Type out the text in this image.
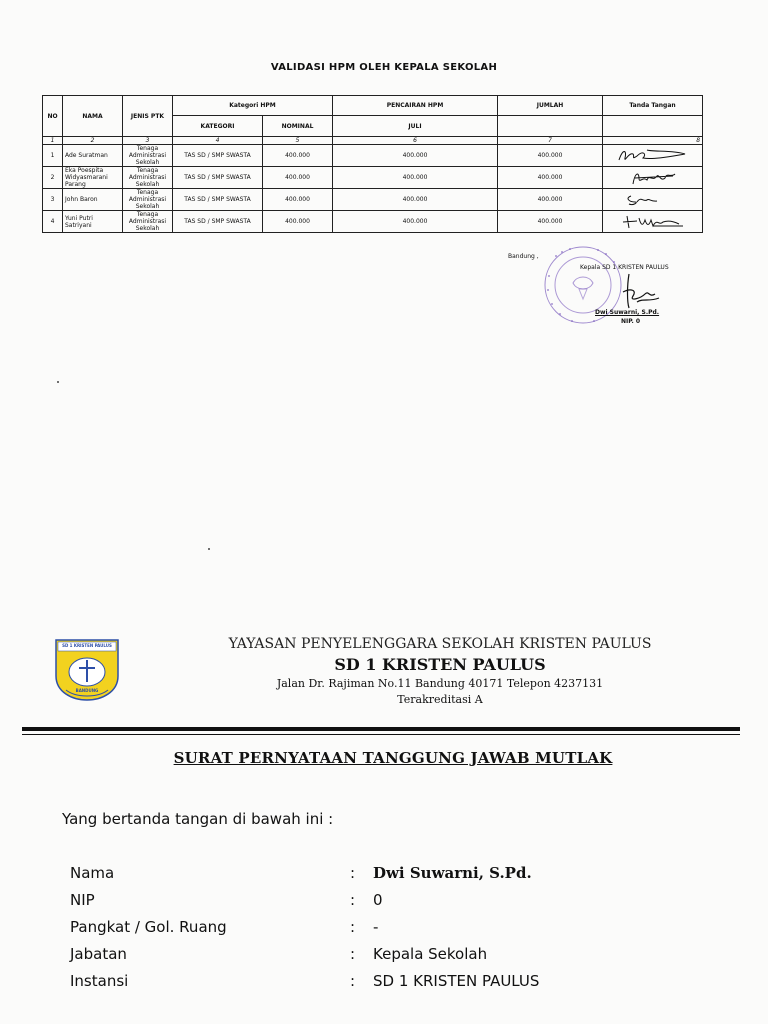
VALIDASI HPM OLEH KEPALA SEKOLAH
NO	NAMA	JENIS PTK	Kategori HPM		PENCAIRAN HPM	JUMLAH	Tanda Tangan
			KATEGORI	NOMINAL	JULI		
1	2	3	4	5	6	7	8
1	Ade Suratman	Tenaga Administrasi Sekolah	TAS SD / SMP SWASTA	400.000	400.000	400.000	

2	Eka Poespita Widyasmarani Parang	Tenaga Administrasi Sekolah	TAS SD / SMP SWASTA	400.000	400.000	400.000	

3	John Baron	Tenaga Administrasi Sekolah	TAS SD / SMP SWASTA	400.000	400.000	400.000	

4	Yuni Putri Satriyani	Tenaga Administrasi Sekolah	TAS SD / SMP SWASTA	400.000	400.000	400.000	
Bandung ,
Kepala SD 1 KRISTEN PAULUS
Dwi Suwarni, S.Pd.
NIP. 0
SD 1 KRISTEN PAULUS
BANDUNG
YAYASAN PENYELENGGARA SEKOLAH KRISTEN PAULUS
SD 1 KRISTEN PAULUS
Jalan Dr. Rajiman No.11 Bandung 40171 Telepon 4237131
Terakreditasi A
SURAT PERNYATAAN TANGGUNG JAWAB MUTLAK
Yang bertanda tangan di bawah ini :
Nama	: Dwi Suwarni, S.Pd.
NIP	: 0
Pangkat / Gol. Ruang	: -
Jabatan	: Kepala Sekolah
Instansi	: SD 1 KRISTEN PAULUS
